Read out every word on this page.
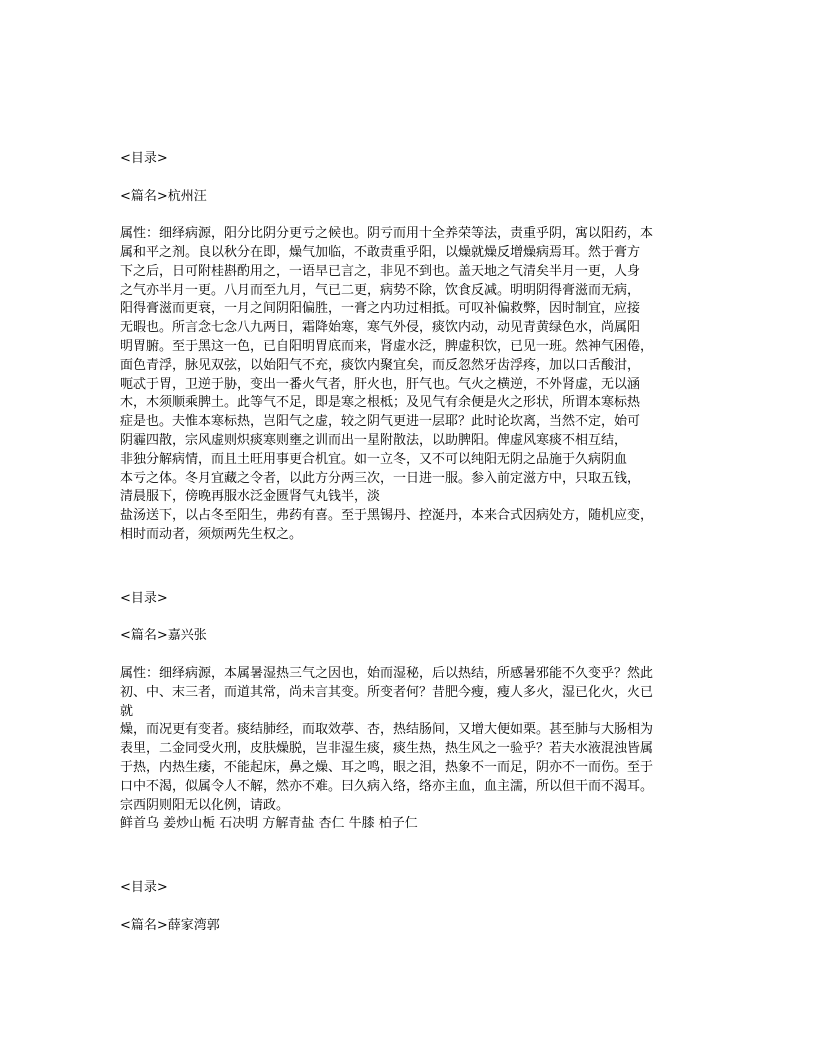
<目录>

<篇名>杭州汪

属性：细绎病源，阳分比阴分更亏之候也。阴亏而用十全养荣等法，责重乎阴，寓以阳药，本

属和平之剂。良以秋分在即，燥气加临，不敢责重乎阳，以燥就燥反增燥病焉耳。然于膏方

下之后，日可附桂斟酌用之，一语早已言之，非见不到也。盖天地之气清矣半月一更，人身

之气亦半月一更。八月而至九月，气已二更，病势不除，饮食反减。明明阴得膏滋而无病，

阳得膏滋而更衰，一月之间阴阳偏胜，一膏之内功过相抵。可叹补偏救弊，因时制宜，应接

无暇也。所言念七念八九两日，霜降始寒，寒气外侵，痰饮内动，动见青黄绿色水，尚属阳

明胃腑。至于黑这一色，已自阳明胃底而来，肾虚水泛，脾虚积饮，已见一班。然神气困倦，

面色青浮，脉见双弦，以始阳气不充，痰饮内聚宜矣，而反忽然牙齿浮疼，加以口舌酸泔，

呃忒于胃，卫逆于胁，变出一番火气者，肝火也，肝气也。气火之横逆，不外肾虚，无以涵

木，木须顺乘脾土。此等气不足，即是寒之根柢；及见气有余便是火之形状，所谓本寒标热

症是也。夫惟本寒标热，岂阳气之虚，较之阴气更进一层耶？此时论坎离，当然不定，始可

阴霾四散，宗风虚则炽痰寒则壅之训而出一星附散法，以助脾阳。俾虚风寒痰不相互结，

非独分解病情，而且土旺用事更合机宜。如一立冬，又不可以纯阳无阴之品施于久病阴血

本亏之体。冬月宜藏之令者，以此方分两三次，一日进一服。参入前定滋方中，只取五钱，

清晨服下，傍晚再服水泛金匮肾气丸钱半，淡

盐汤送下，以占冬至阳生，弗药有喜。至于黑锡丹、控涎丹，本来合式因病处方，随机应变，

相时而动者，须烦两先生权之。

<目录>

<篇名>嘉兴张

属性：细绎病源，本属暑湿热三气之因也，始而湿秘，后以热结，所感暑邪能不久变乎？然此

初、中、末三者，而道其常，尚未言其变。所变者何？昔肥今瘦，瘦人多火，湿已化火，火已

就

燥，而况更有变者。痰结肺经，而取效葶、杏，热结肠间，又增大便如栗。甚至肺与大肠相为

表里，二金同受火刑，皮肤燥脱，岂非湿生痰，痰生热，热生风之一验乎？若夫水液混浊皆属

于热，内热生痿，不能起床，鼻之燥、耳之鸣，眼之泪，热象不一而足，阴亦不一而伤。至于

口中不渴，似属令人不解，然亦不难。曰久病入络，络亦主血，血主濡，所以但干而不渴耳。

宗西阴则阳无以化例，请政。

鲜首乌 姜炒山栀 石决明 方解青盐 杏仁 牛膝 柏子仁

<目录>

<篇名>薛家湾郭
